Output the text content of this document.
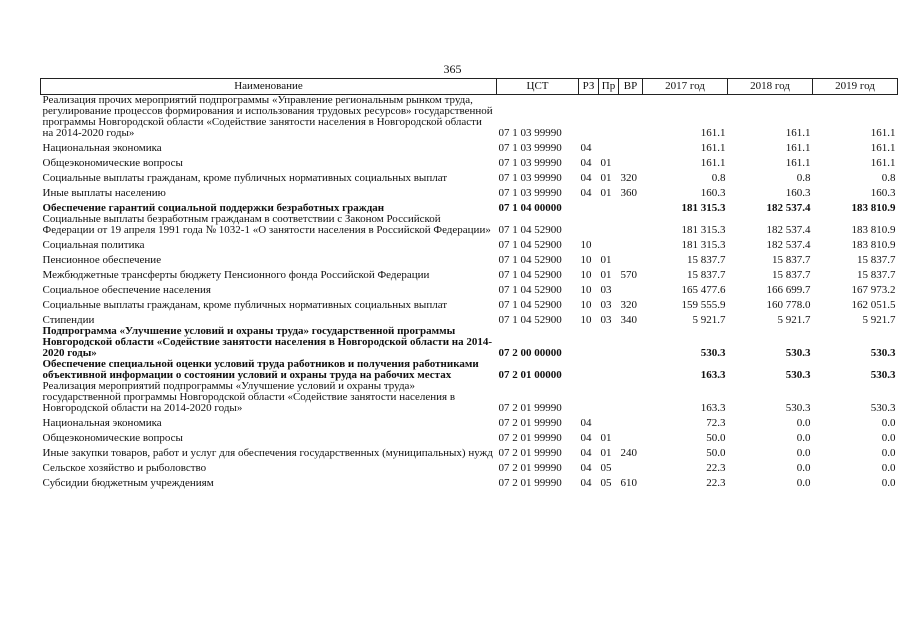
365
Наименование	ЦСТ	РЗ	Пр	ВР	2017 год	2018 год	2019 год
Реализация прочих мероприятий подпрограммы «Управление региональным рынком труда, регулирование процессов формирования и использования трудовых ресурсов» государственной программы Новгородской области «Содействие занятости населения в Новгородской области на 2014-2020 годы»	07 1 03 99990				161.1	161.1	161.1
Национальная экономика	07 1 03 99990	04			161.1	161.1	161.1
Общеэкономические вопросы	07 1 03 99990	04	01		161.1	161.1	161.1
Социальные выплаты гражданам, кроме публичных нормативных социальных выплат	07 1 03 99990	04	01	320	0.8	0.8	0.8
Иные выплаты населению	07 1 03 99990	04	01	360	160.3	160.3	160.3
Обеспечение гарантий социальной поддержки безработных граждан	07 1 04 00000				181 315.3	182 537.4	183 810.9
Социальные выплаты безработным гражданам в соответствии с Законом Российской Федерации от 19 апреля 1991 года № 1032-1 «О занятости населения в Российской Федерации»	07 1 04 52900				181 315.3	182 537.4	183 810.9
Социальная политика	07 1 04 52900	10			181 315.3	182 537.4	183 810.9
Пенсионное обеспечение	07 1 04 52900	10	01		15 837.7	15 837.7	15 837.7
Межбюджетные трансферты бюджету Пенсионного фонда Российской Федерации	07 1 04 52900	10	01	570	15 837.7	15 837.7	15 837.7
Социальное обеспечение населения	07 1 04 52900	10	03		165 477.6	166 699.7	167 973.2
Социальные выплаты гражданам, кроме публичных нормативных социальных выплат	07 1 04 52900	10	03	320	159 555.9	160 778.0	162 051.5
Стипендии	07 1 04 52900	10	03	340	5 921.7	5 921.7	5 921.7
Подпрограмма «Улучшение условий и охраны труда» государственной программы Новгородской области «Содействие занятости населения в Новгородской области на 2014-2020 годы»	07 2 00 00000				530.3	530.3	530.3
Обеспечение специальной оценки условий труда работников и получения работниками объективной информации о состоянии условий и охраны труда на рабочих местах	07 2 01 00000				163.3	530.3	530.3
Реализация мероприятий подпрограммы «Улучшение условий и охраны труда» государственной программы Новгородской области «Содействие занятости населения в Новгородской области на 2014-2020 годы»	07 2 01 99990				163.3	530.3	530.3
Национальная экономика	07 2 01 99990	04			72.3	0.0	0.0
Общеэкономические вопросы	07 2 01 99990	04	01		50.0	0.0	0.0
Иные закупки товаров, работ и услуг для обеспечения государственных (муниципальных) нужд	07 2 01 99990	04	01	240	50.0	0.0	0.0
Сельское хозяйство и рыболовство	07 2 01 99990	04	05		22.3	0.0	0.0
Субсидии бюджетным учреждениям	07 2 01 99990	04	05	610	22.3	0.0	0.0
